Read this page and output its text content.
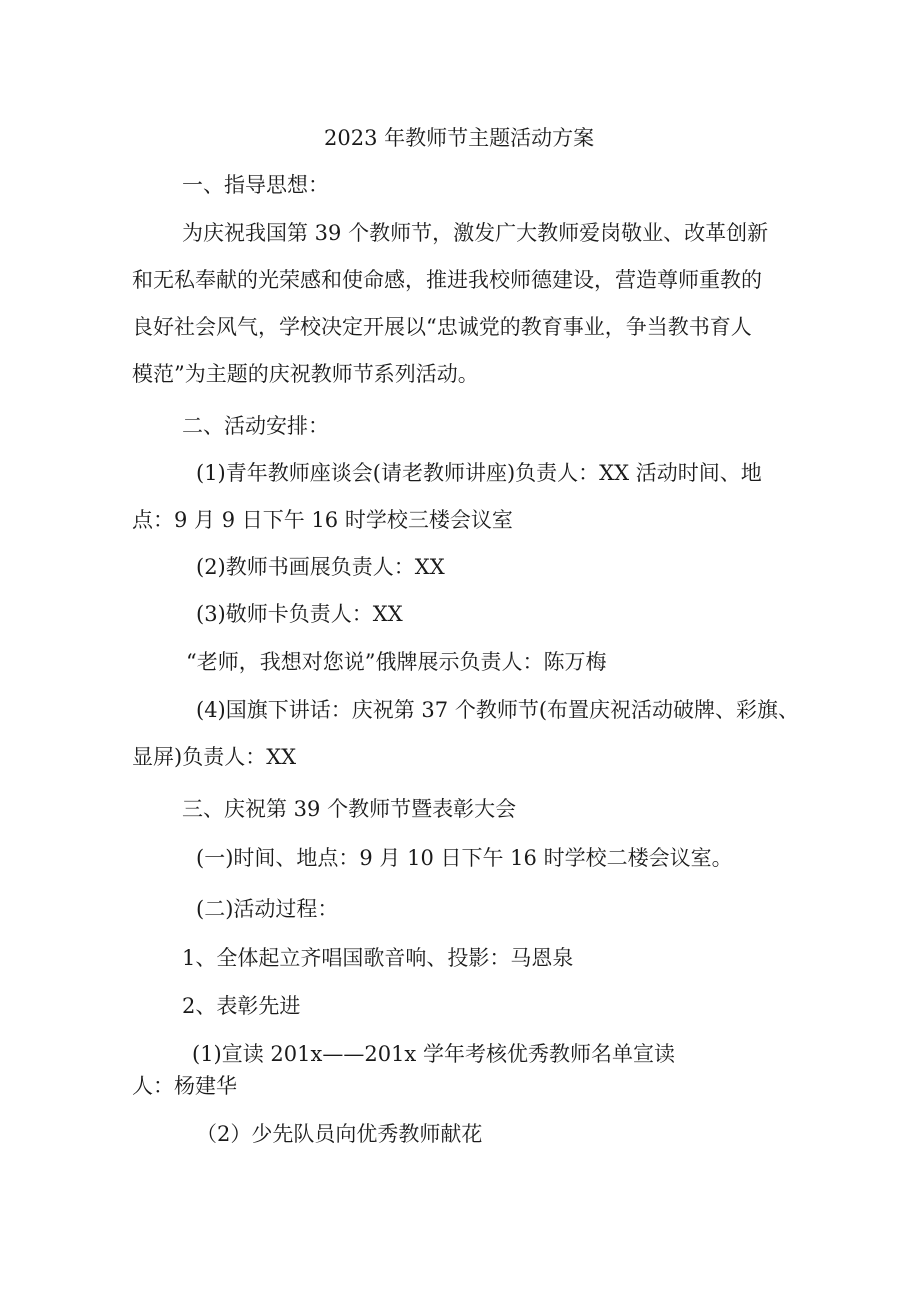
2023 年教师节主题活动方案

一、指导思想：

为庆祝我国第 39 个教师节，激发广大教师爱岗敬业、改革创新

和无私奉献的光荣感和使命感，推进我校师德建设，营造尊师重教的

良好社会风气，学校决定开展以“忠诚党的教育事业，争当教书育人

模范”为主题的庆祝教师节系列活动。

二、活动安排：

(1)青年教师座谈会(请老教师讲座)负责人：XX 活动时间、地

点：9 月 9 日下午 16 时学校三楼会议室

(2)教师书画展负责人：XX

(3)敬师卡负责人：XX

“老师，我想对您说”俄牌展示负责人：陈万梅

(4)国旗下讲话：庆祝第 37 个教师节(布置庆祝活动破牌、彩旗、

显屏)负责人：XX

三、庆祝第 39 个教师节暨表彰大会

(一)时间、地点：9 月 10 日下午 16 时学校二楼会议室。

(二)活动过程：

1、全体起立齐唱国歌音响、投影：马恩泉

2、表彰先进

(1)宣读 201x——201x 学年考核优秀教师名单宣读

人：杨建华

（2）少先队员向优秀教师献花
